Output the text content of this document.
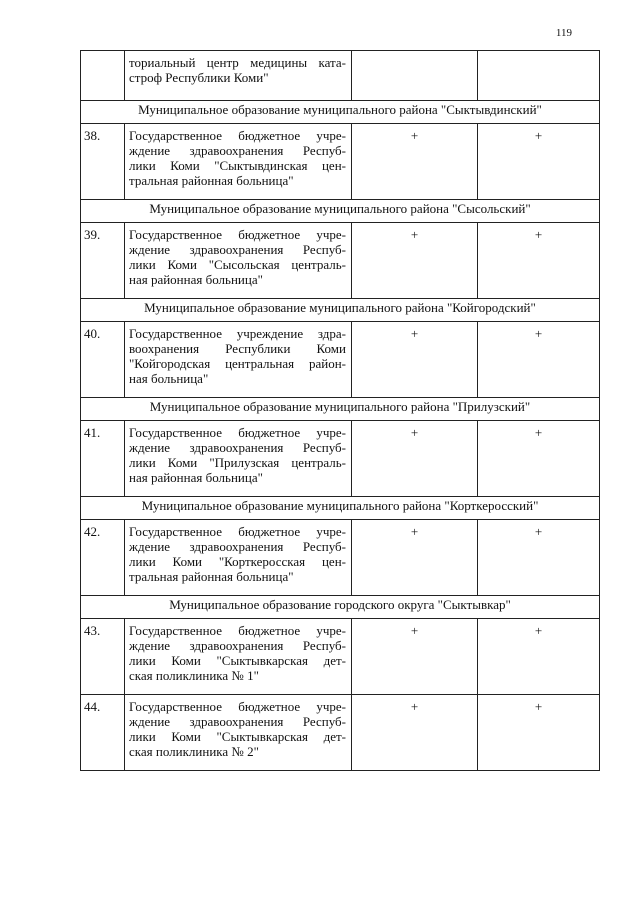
119

	ториальный центр медицины ката-
строф Республики Коми"		

Муниципальное образование муниципального района "Сыктывдинский"			
38.	Государственное бюджетное учре-
ждение здравоохранения Респуб-
лики Коми "Сыктывдинская цен-
тральная районная больница"	+	+
Муниципальное образование муниципального района "Сысольский"			
39.	Государственное бюджетное учре-
ждение здравоохранения Респуб-
лики Коми "Сысольская централь-
ная районная больница"	+	+
Муниципальное образование муниципального района "Койгородский"			
40.	Государственное учреждение здра-
воохранения Республики Коми
"Койгородская центральная район-
ная больница"	+	+
Муниципальное образование муниципального района "Прилузский"			
41.	Государственное бюджетное учре-
ждение здравоохранения Респуб-
лики Коми "Прилузская централь-
ная районная больница"	+	+
Муниципальное образование муниципального района "Корткеросский"			
42.	Государственное бюджетное учре-
ждение здравоохранения Респуб-
лики Коми "Корткеросская цен-
тральная районная больница"	+	+
Муниципальное образование городского округа "Сыктывкар"			
43.	Государственное бюджетное учре-
ждение здравоохранения Респуб-
лики Коми "Сыктывкарская дет-
ская поликлиника № 1"	+	+
44.	Государственное бюджетное учре-
ждение здравоохранения Респуб-
лики Коми "Сыктывкарская дет-
ская поликлиника № 2"	+	+
